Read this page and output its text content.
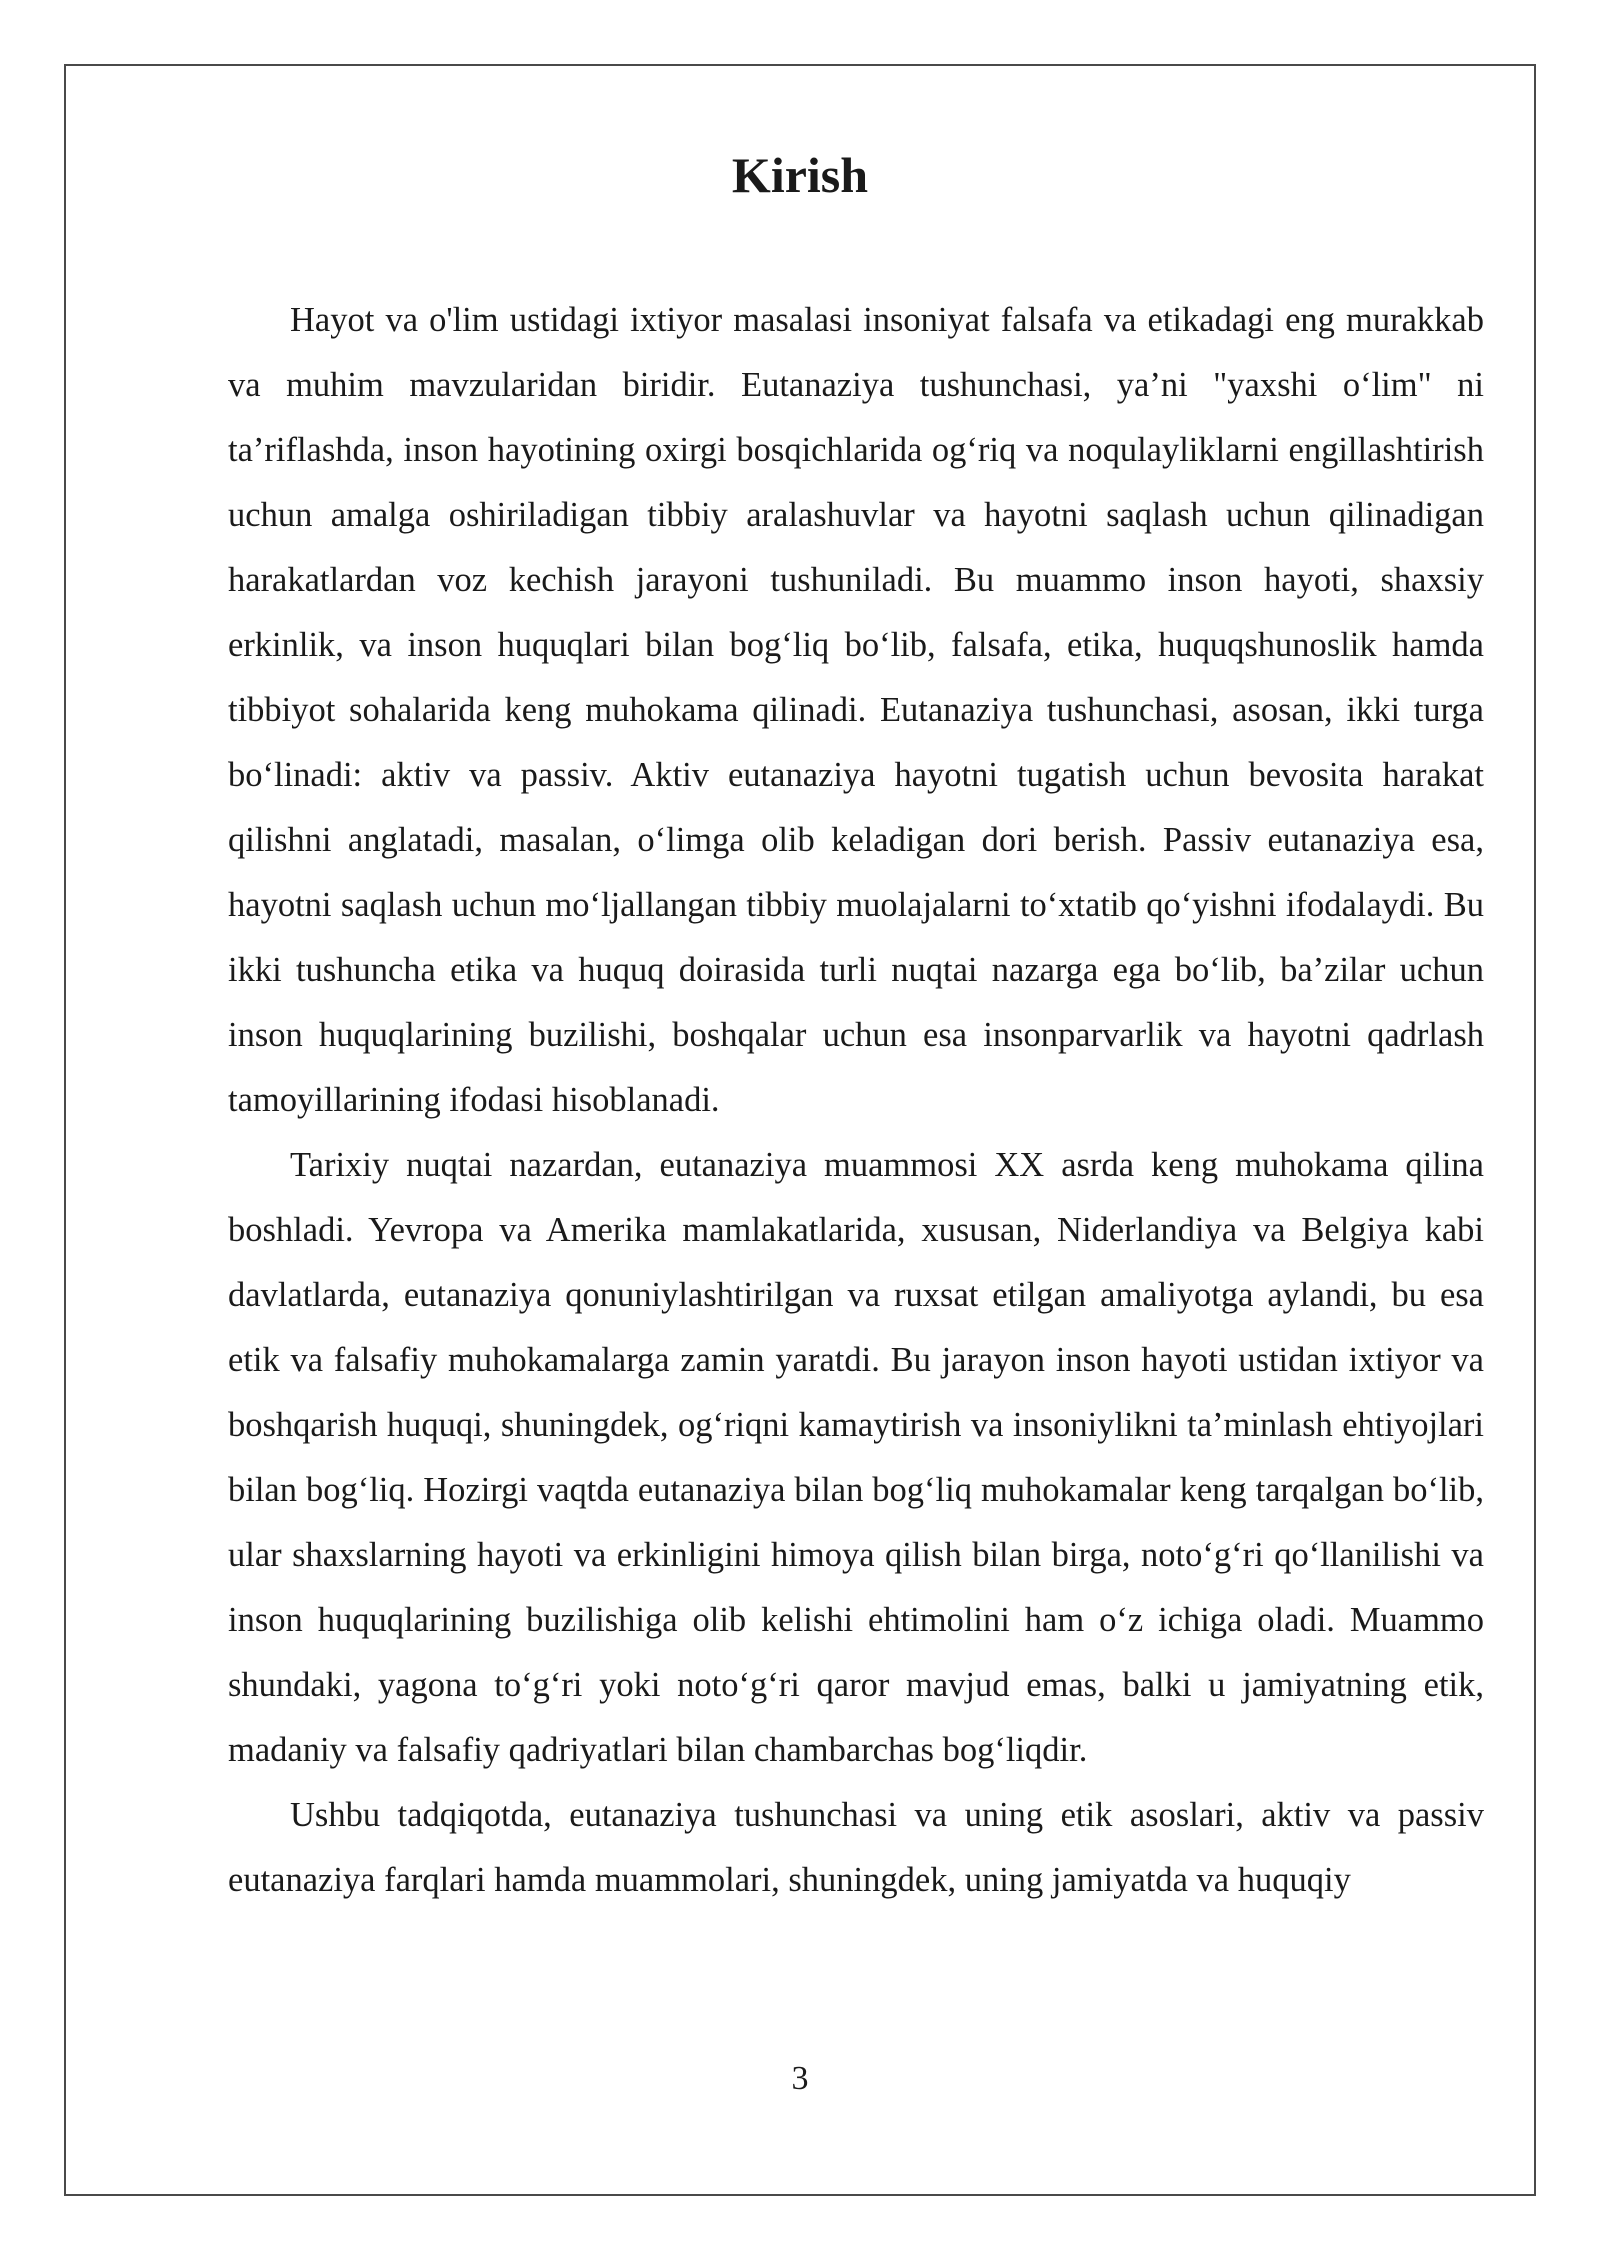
Kirish

Hayot va o'lim ustidagi ixtiyor masalasi insoniyat falsafa va etikadagi eng murakkab va muhim mavzularidan biridir. Eutanaziya tushunchasi, ya’ni "yaxshi o‘lim" ni ta’riflashda, inson hayotining oxirgi bosqichlarida og‘riq va noqulayliklarni engillashtirish uchun amalga oshiriladigan tibbiy aralashuvlar va hayotni saqlash uchun qilinadigan harakatlardan voz kechish jarayoni tushuniladi. Bu muammo inson hayoti, shaxsiy erkinlik, va inson huquqlari bilan bog‘liq bo‘lib, falsafa, etika, huquqshunoslik hamda tibbiyot sohalarida keng muhokama qilinadi. Eutanaziya tushunchasi, asosan, ikki turga bo‘linadi: aktiv va passiv. Aktiv eutanaziya hayotni tugatish uchun bevosita harakat qilishni anglatadi, masalan, o‘limga olib keladigan dori berish. Passiv eutanaziya esa, hayotni saqlash uchun mo‘ljallangan tibbiy muolajalarni to‘xtatib qo‘yishni ifodalaydi. Bu ikki tushuncha etika va huquq doirasida turli nuqtai nazarga ega bo‘lib, ba’zilar uchun inson huquqlarining buzilishi, boshqalar uchun esa insonparvarlik va hayotni qadrlash tamoyillarining ifodasi hisoblanadi.

Tarixiy nuqtai nazardan, eutanaziya muammosi XX asrda keng muhokama qilina boshladi. Yevropa va Amerika mamlakatlarida, xususan, Niderlandiya va Belgiya kabi davlatlarda, eutanaziya qonuniylashtirilgan va ruxsat etilgan amaliyotga aylandi, bu esa etik va falsafiy muhokamalarga zamin yaratdi. Bu jarayon inson hayoti ustidan ixtiyor va boshqarish huquqi, shuningdek, og‘riqni kamaytirish va insoniylikni ta’minlash ehtiyojlari bilan bog‘liq. Hozirgi vaqtda eutanaziya bilan bog‘liq muhokamalar keng tarqalgan bo‘lib, ular shaxslarning hayoti va erkinligini himoya qilish bilan birga, noto‘g‘ri qo‘llanilishi va inson huquqlarining buzilishiga olib kelishi ehtimolini ham o‘z ichiga oladi. Muammo shundaki, yagona to‘g‘ri yoki noto‘g‘ri qaror mavjud emas, balki u jamiyatning etik, madaniy va falsafiy qadriyatlari bilan chambarchas bog‘liqdir.

Ushbu tadqiqotda, eutanaziya tushunchasi va uning etik asoslari, aktiv va passiv eutanaziya farqlari hamda muammolari, shuningdek, uning jamiyatda va huquqiy

3
